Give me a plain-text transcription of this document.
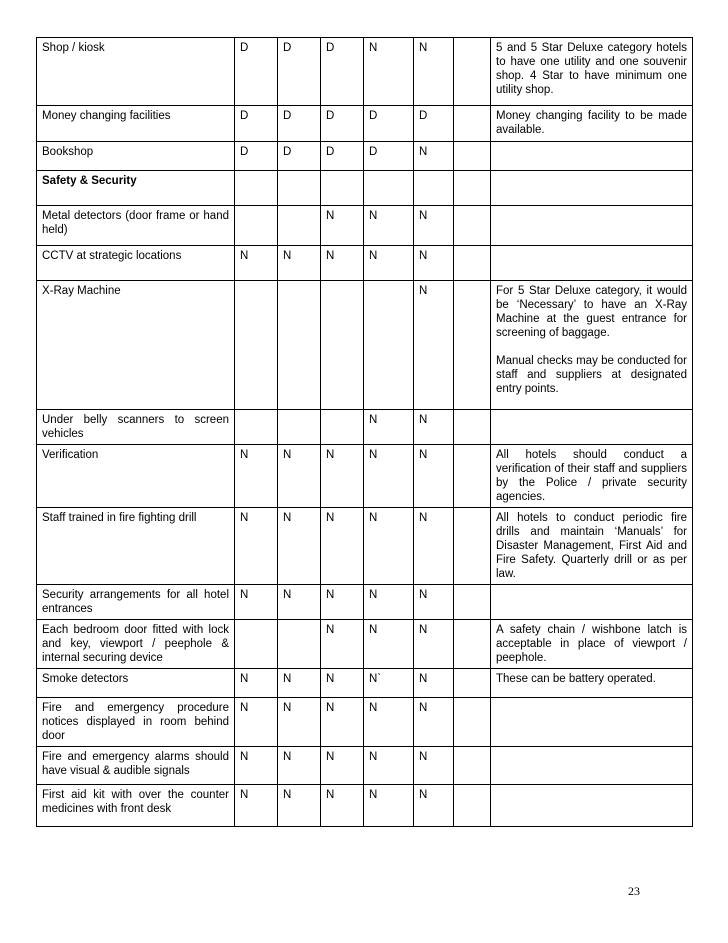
Shop / kiosk	D	D	D	N	N		5 and 5 Star Deluxe category hotels to have one utility and one souvenir shop. 4 Star to have minimum one utility shop.

Money changing facilities	D	D	D	D	D		Money changing facility to be made available.

Bookshop	D	D	D	D	N		
Safety & Security							
Metal detectors (door frame or hand held)			N	N	N		
CCTV at strategic locations	N	N	N	N	N		
X-Ray Machine					N		For 5 Star Deluxe category, it would be ‘Necessary’ to have an X-Ray Machine at the guest entrance for screening of baggage.

Manual checks may be conducted for staff and suppliers at designated entry points.

Under belly scanners to screen vehicles				N	N		
Verification	N	N	N	N	N		All hotels should conduct a verification of their staff and suppliers by the Police / private security agencies.

Staff trained in fire fighting drill	N	N	N	N	N		All hotels to conduct periodic fire drills and maintain ‘Manuals’ for Disaster Management, First Aid and Fire Safety. Quarterly drill or as per law.

Security arrangements for all hotel entrances	N	N	N	N	N		
Each bedroom door fitted with lock and key, viewport / peephole & internal securing device			N	N	N		A safety chain / wishbone latch is acceptable in place of viewport / peephole.

Smoke detectors	N	N	N	N`	N		These can be battery operated.

Fire and emergency procedure notices displayed in room behind door	N	N	N	N	N		
Fire and emergency alarms should have visual & audible signals	N	N	N	N	N		
First aid kit with over the counter medicines with front desk	N	N	N	N	N		
23
